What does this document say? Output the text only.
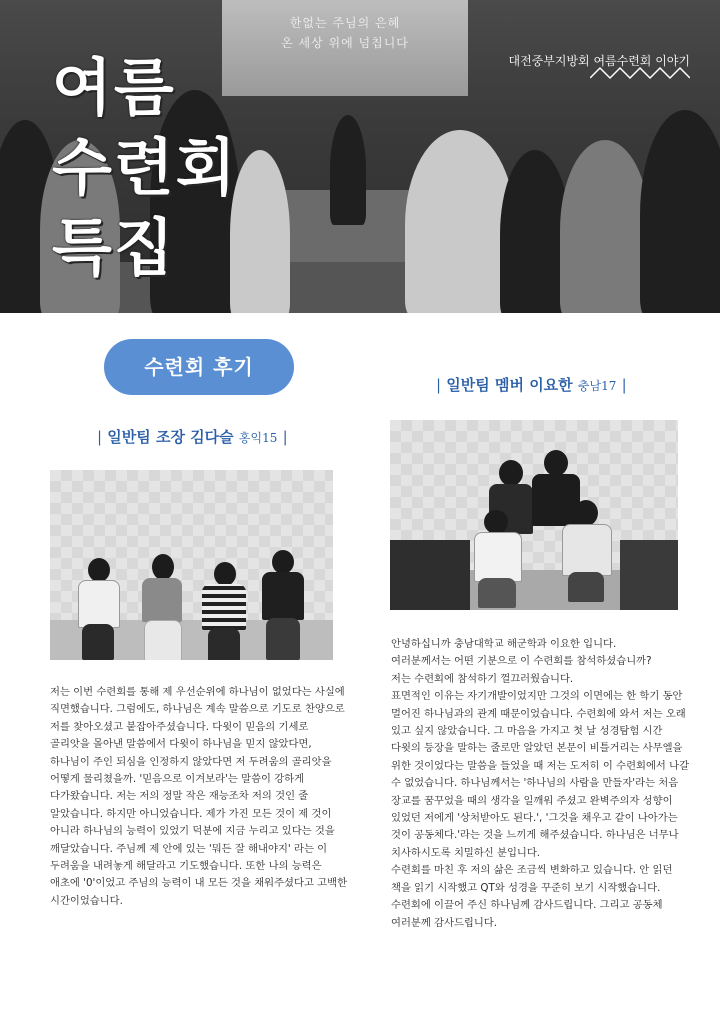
한없는 주님의 은혜
온 세상 위에 넘칩니다
여름
수련회
특집
대전중부지방회 여름수련회 이야기
수련회 후기
| 일반팀 조장 김다슬 홍익15 |
| 일반팀 멤버 이요한 충남17 |

저는 이번 수련회를 통해 제 우선순위에 하나님이 없었다는 사실에

직면했습니다. 그럼에도, 하나님은 계속 말씀으로 기도로 찬양으로

저를 찾아오셨고 붙잡아주셨습니다. 다윗이 믿음의 기세로

골리앗을 몰아낸 말씀에서 다윗이 하나님을 믿지 않았다면,

하나님이 주인 되심을 인정하지 않았다면 저 두려움의 골리앗을

어떻게 물리쳤을까. '믿음으로 이겨보라'는 말씀이 강하게

다가왔습니다. 저는 저의 정말 작은 재능조차 저의 것인 줄

알았습니다. 하지만 아니었습니다. 제가 가진 모든 것이 제 것이

아니라 하나님의 능력이 있었기 덕분에 지금 누리고 있다는 것을

깨달았습니다. 주님께 제 안에 있는 '뭐든 잘 해내야지' 라는 이

두려움을 내려놓게 해달라고 기도했습니다. 또한 나의 능력은

애초에 '0'이었고 주님의 능력이 내 모든 것을 채워주셨다고 고백한

시간이었습니다.

안녕하십니까 충남대학교 해군학과 이요한 입니다.

여러분께서는 어떤 기분으로 이 수련회를 참석하셨습니까?

저는 수련회에 참석하기 껄끄러웠습니다.

표면적인 이유는 자기개발이었지만 그것의 이면에는 한 학기 동안

멀어진 하나님과의 관계 때문이었습니다. 수련회에 와서 저는 오래

있고 싶지 않았습니다. 그 마음을 가지고 첫 날 성경탐험 시간

다윗의 등장을 말하는 줄로만 알았던 본문이 비틀거리는 사무엘을

위한 것이었다는 말씀을 들었을 때 저는 도저히 이 수련회에서 나갈

수 없었습니다. 하나님께서는 '하나님의 사람을 만들자'라는 처음

장교를 꿈꾸었을 때의 생각을 일깨워 주셨고 완벽주의자 성향이

있었던 저에게 '상처받아도 된다.', '그것을 채우고 같이 나아가는

것이 공동체다.'라는 것을 느끼게 해주셨습니다. 하나님은 너무나

치사하시도록 치밀하신 분입니다.

수련회를 마친 후 저의 삶은 조금씩 변화하고 있습니다. 안 읽던

책을 읽기 시작했고 QT와 성경을 꾸준히 보기 시작했습니다.

수련회에 이끌어 주신 하나님께 감사드립니다. 그리고 공동체

여러분께 감사드립니다.
